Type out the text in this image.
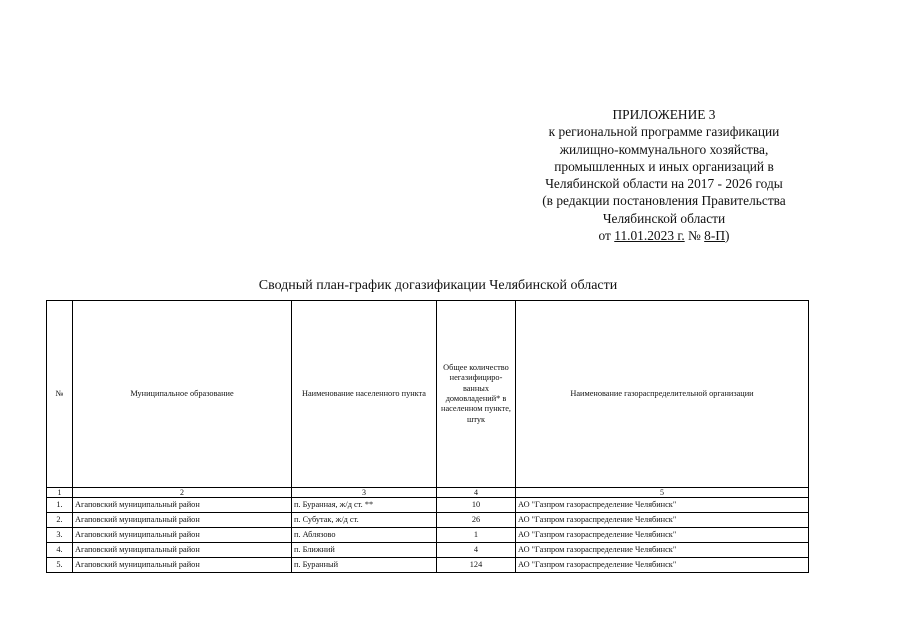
ПРИЛОЖЕНИЕ 3
к региональной программе газификации
жилищно-коммунального хозяйства,
промышленных и иных организаций в
Челябинской области на 2017 - 2026 годы
(в редакции постановления Правительства
Челябинской области
от 11.01.2023 г. № 8-П)
Сводный план-график догазификации Челябинской области
№	Муниципальное образование	Наименование населенного пункта	Общее количество негазифициро-ванных домовладений* в населенном пункте, штук	Наименование газораспределительной организации
1	2	3	4	5
1.	Агаповский муниципальный район	п. Буранная, ж/д ст. **	10	АО "Газпром газораспределение Челябинск"
2.	Агаповский муниципальный район	п. Субутак, ж/д ст.	26	АО "Газпром газораспределение Челябинск"
3.	Агаповский муниципальный район	п. Аблязово	1	АО "Газпром газораспределение Челябинск"
4.	Агаповский муниципальный район	п. Ближний	4	АО "Газпром газораспределение Челябинск"
5.	Агаповский муниципальный район	п. Буранный	124	АО "Газпром газораспределение Челябинск"
